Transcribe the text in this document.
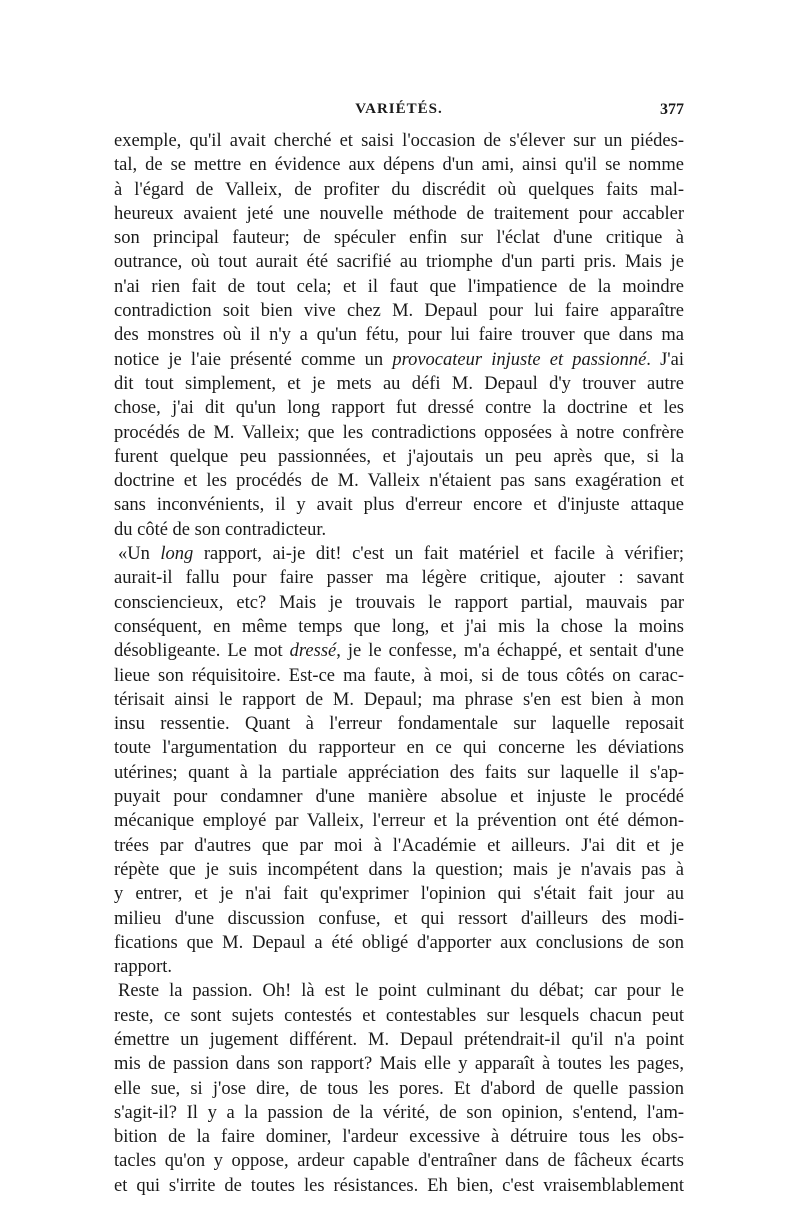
VARIÉTÉS.	377
exemple, qu'il avait cherché et saisi l'occasion de s'élever sur un piédes-
tal, de se mettre en évidence aux dépens d'un ami, ainsi qu'il se nomme
à l'égard de Valleix, de profiter du discrédit où quelques faits mal-
heureux avaient jeté une nouvelle méthode de traitement pour accabler
son principal fauteur; de spéculer enfin sur l'éclat d'une critique à
outrance, où tout aurait été sacrifié au triomphe d'un parti pris. Mais je
n'ai rien fait de tout cela; et il faut que l'impatience de la moindre
contradiction soit bien vive chez M. Depaul pour lui faire apparaître
des monstres où il n'y a qu'un fétu, pour lui faire trouver que dans ma
notice je l'aie présenté comme un provocateur injuste et passionné. J'ai
dit tout simplement, et je mets au défi M. Depaul d'y trouver autre
chose, j'ai dit qu'un long rapport fut dressé contre la doctrine et les
procédés de M. Valleix; que les contradictions opposées à notre confrère
furent quelque peu passionnées, et j'ajoutais un peu après que, si la
doctrine et les procédés de M. Valleix n'étaient pas sans exagération et
sans inconvénients, il y avait plus d'erreur encore et d'injuste attaque
du côté de son contradicteur.
«Un long rapport, ai-je dit! c'est un fait matériel et facile à vérifier;
aurait-il fallu pour faire passer ma légère critique, ajouter : savant
consciencieux, etc? Mais je trouvais le rapport partial, mauvais par
conséquent, en même temps que long, et j'ai mis la chose la moins
désobligeante. Le mot dressé, je le confesse, m'a échappé, et sentait d'une
lieue son réquisitoire. Est-ce ma faute, à moi, si de tous côtés on carac-
térisait ainsi le rapport de M. Depaul; ma phrase s'en est bien à mon
insu ressentie. Quant à l'erreur fondamentale sur laquelle reposait
toute l'argumentation du rapporteur en ce qui concerne les déviations
utérines; quant à la partiale appréciation des faits sur laquelle il s'ap-
puyait pour condamner d'une manière absolue et injuste le procédé
mécanique employé par Valleix, l'erreur et la prévention ont été démon-
trées par d'autres que par moi à l'Académie et ailleurs. J'ai dit et je
répète que je suis incompétent dans la question; mais je n'avais pas à
y entrer, et je n'ai fait qu'exprimer l'opinion qui s'était fait jour au
milieu d'une discussion confuse, et qui ressort d'ailleurs des modi-
fications que M. Depaul a été obligé d'apporter aux conclusions de son
rapport.
Reste la passion. Oh! là est le point culminant du débat; car pour le
reste, ce sont sujets contestés et contestables sur lesquels chacun peut
émettre un jugement différent. M. Depaul prétendrait-il qu'il n'a point
mis de passion dans son rapport? Mais elle y apparaît à toutes les pages,
elle sue, si j'ose dire, de tous les pores. Et d'abord de quelle passion
s'agit-il? Il y a la passion de la vérité, de son opinion, s'entend, l'am-
bition de la faire dominer, l'ardeur excessive à détruire tous les obs-
tacles qu'on y oppose, ardeur capable d'entraîner dans de fâcheux écarts
et qui s'irrite de toutes les résistances. Eh bien, c'est vraisemblablement
